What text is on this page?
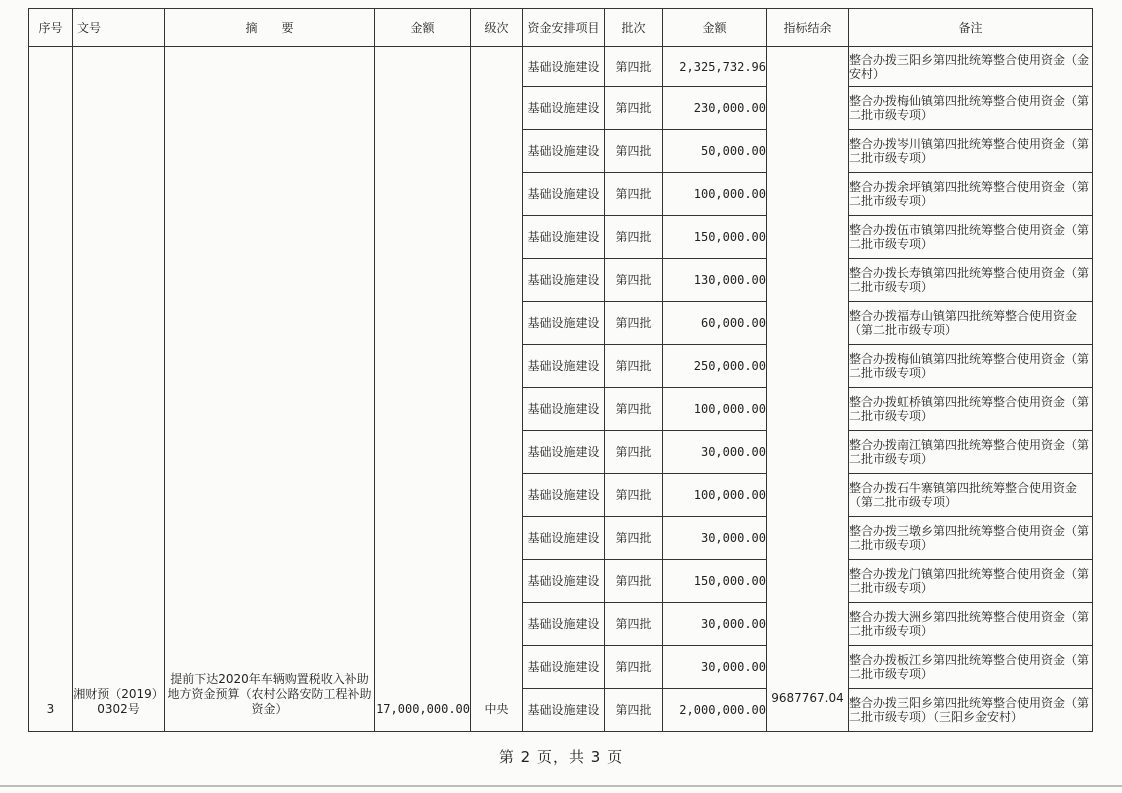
序号	文号	摘　　要	金额	级次	资金安排项目	批次	金额	指标结余	备注
3	湘财预（2019）0302号	提前下达2020年车辆购置税收入补助地方资金预算（农村公路安防工程补助资金）	17,000,000.00	中央	基础设施建设	第四批	2,325,732.96	9687767.04	整合办拨三阳乡第四批统筹整合使用资金（金安村）
					基础设施建设	第四批	230,000.00		整合办拨梅仙镇第四批统筹整合使用资金（第二批市级专项）
					基础设施建设	第四批	50,000.00		整合办拨岑川镇第四批统筹整合使用资金（第二批市级专项）
					基础设施建设	第四批	100,000.00		整合办拨余坪镇第四批统筹整合使用资金（第二批市级专项）
					基础设施建设	第四批	150,000.00		整合办拨伍市镇第四批统筹整合使用资金（第二批市级专项）
					基础设施建设	第四批	130,000.00		整合办拨长寿镇第四批统筹整合使用资金（第二批市级专项）
					基础设施建设	第四批	60,000.00		整合办拨福寿山镇第四批统筹整合使用资金（第二批市级专项）
					基础设施建设	第四批	250,000.00		整合办拨梅仙镇第四批统筹整合使用资金（第二批市级专项）
					基础设施建设	第四批	100,000.00		整合办拨虹桥镇第四批统筹整合使用资金（第二批市级专项）
					基础设施建设	第四批	30,000.00		整合办拨南江镇第四批统筹整合使用资金（第二批市级专项）
					基础设施建设	第四批	100,000.00		整合办拨石牛寨镇第四批统筹整合使用资金（第二批市级专项）
					基础设施建设	第四批	30,000.00		整合办拨三墩乡第四批统筹整合使用资金（第二批市级专项）
					基础设施建设	第四批	150,000.00		整合办拨龙门镇第四批统筹整合使用资金（第二批市级专项）
					基础设施建设	第四批	30,000.00		整合办拨大洲乡第四批统筹整合使用资金（第二批市级专项）
					基础设施建设	第四批	30,000.00		整合办拨板江乡第四批统筹整合使用资金（第二批市级专项）
					基础设施建设	第四批	2,000,000.00		整合办拨三阳乡第四批统筹整合使用资金（第二批市级专项）（三阳乡金安村）
第 2 页，共 3 页
